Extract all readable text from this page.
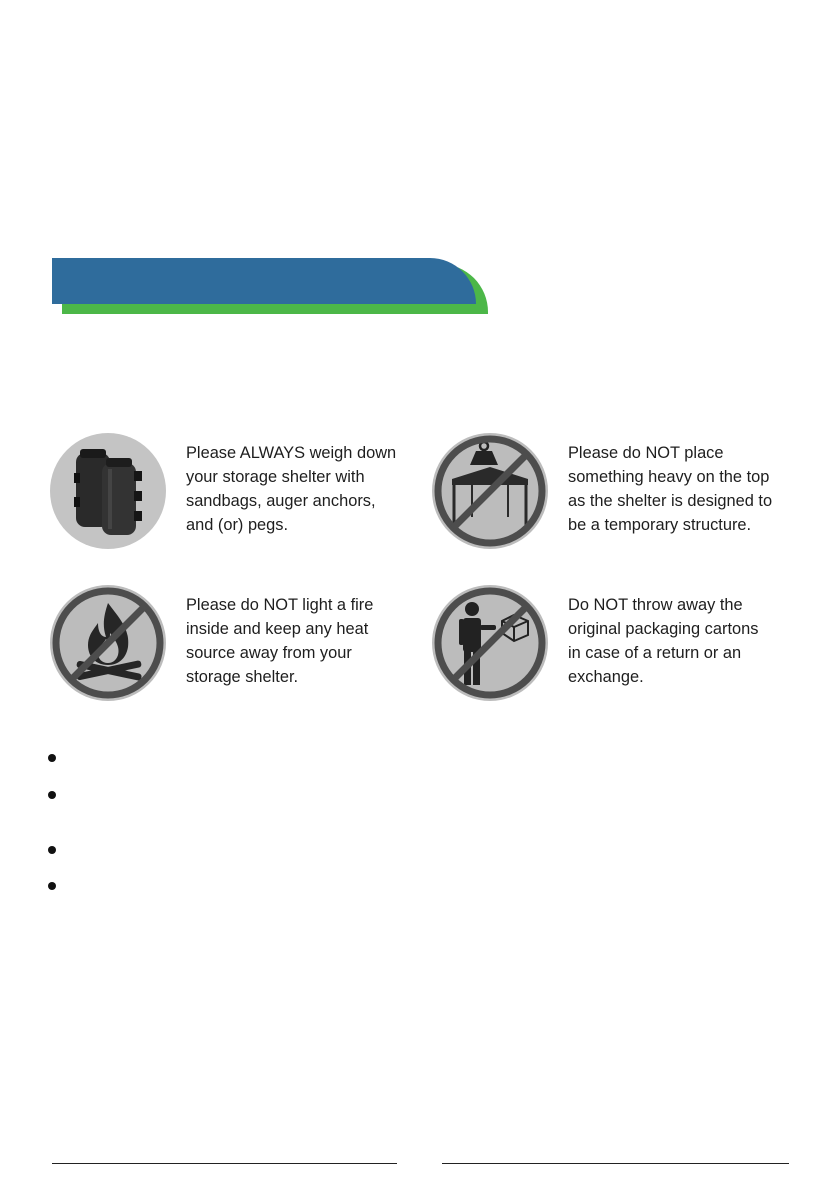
Please ALWAYS weigh down
your storage shelter with
sandbags, auger anchors,
and (or) pegs.
Please do NOT place
something heavy on the top
as the shelter is designed to
be a temporary structure.
Please do NOT light a fire
inside and keep any heat
source away from your
storage shelter.
Do NOT throw away the
original packaging cartons
in case of a return or an
exchange.
